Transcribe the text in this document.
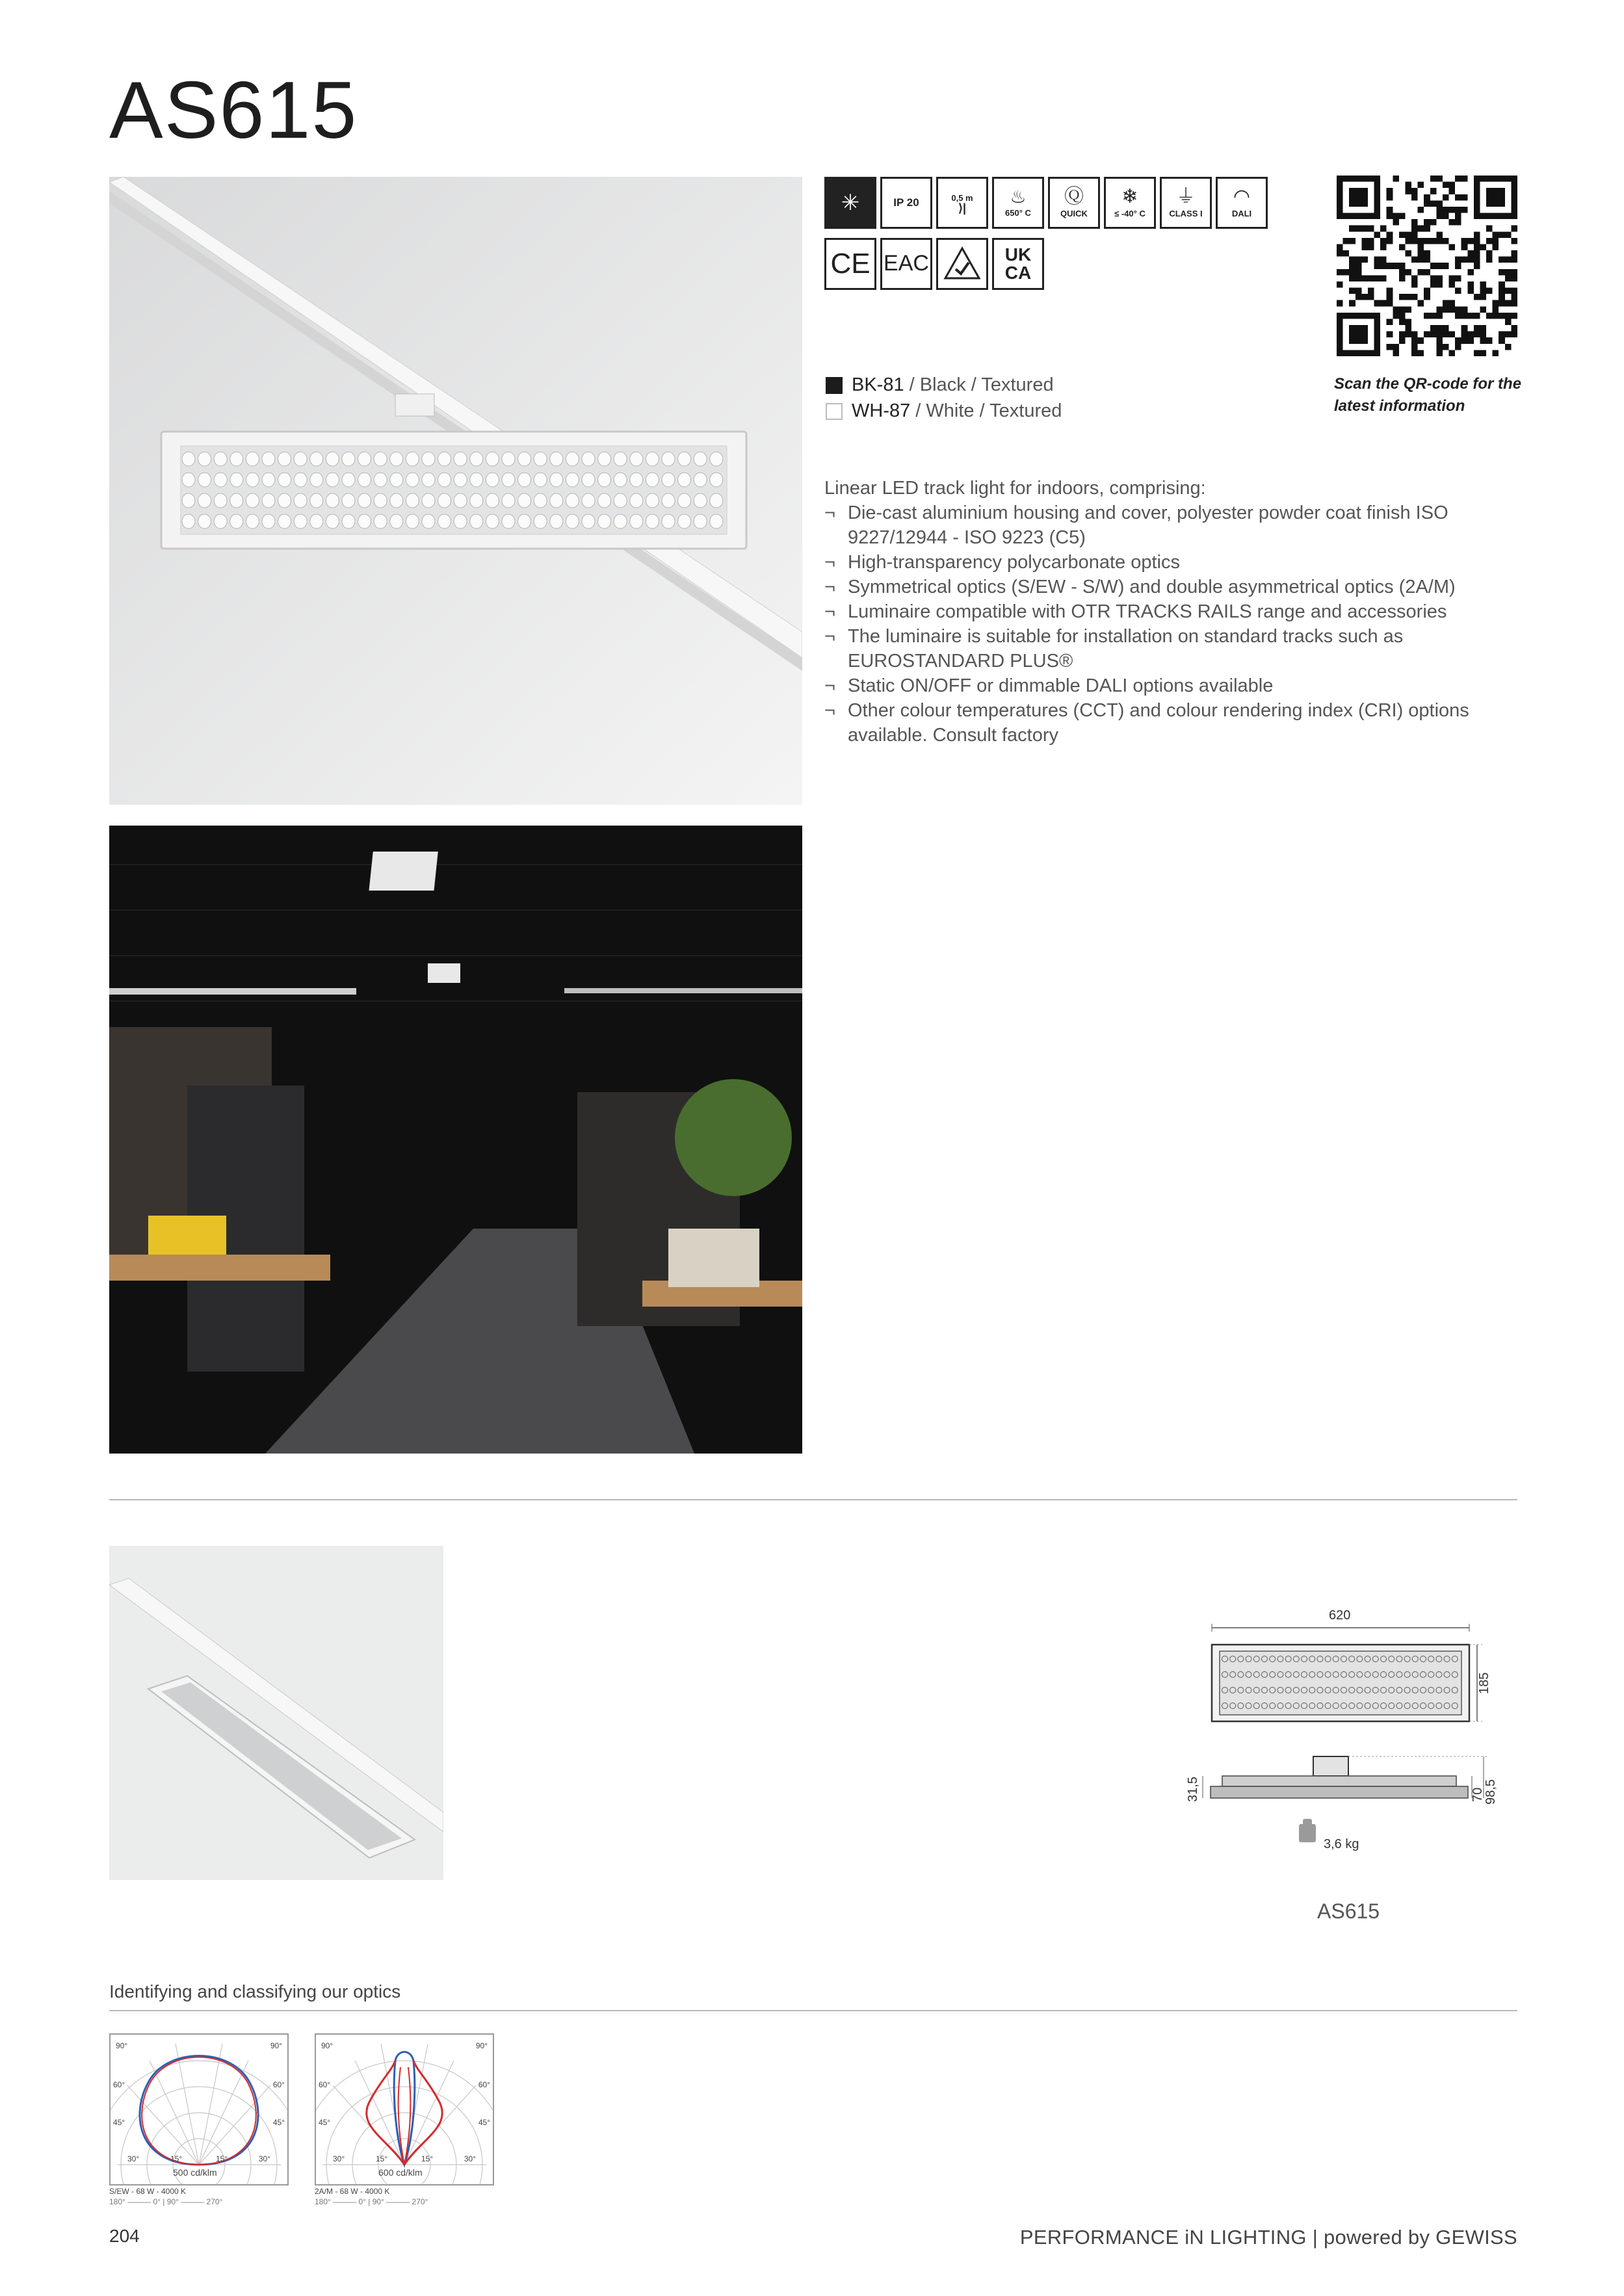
AS615
✳	IP 20	0,5 m
⟩|
♨
650° C
Ⓠ
QUICK
❄
≤ -40° C
⏚
CLASS I
◠
DALI
CE EAC	UK CA
Scan the QR-code for the latest information
BK-81 / Black / Textured
WH-87 / White / Textured
Linear LED track light for indoors, comprising:
¬ Die-cast aluminium housing and cover, polyester powder coat finish ISO 9227/12944 - ISO 9223 (C5)
¬ High-transparency polycarbonate optics
¬ Symmetrical optics (S/EW - S/W) and double asymmetrical optics (2A/M)
¬ Luminaire compatible with OTR TRACKS RAILS range and accessories
¬ The luminaire is suitable for installation on standard tracks such as EUROSTANDARD PLUS®
¬ Static ON/OFF or dimmable DALI options available
¬ Other colour temperatures (CCT) and colour rendering index (CRI) options available. Consult factory
620
185
31,5	70
98,5
3,6 kg
AS615
Identifying and classifying our optics
90°	90°
60°	60°
45°	45°
30°	15°	15°	30°
500 cd/klm
S/EW - 68 W - 4000 K
180° ——— 0° | 90° ——— 270°
90°	90°
60°	60°
45°	45°
30°	15°	15°	30°
600 cd/klm
2A/M - 68 W - 4000 K
180° ——— 0° | 90° ——— 270°
204	PERFORMANCE iN LIGHTING | powered by GEWISS
